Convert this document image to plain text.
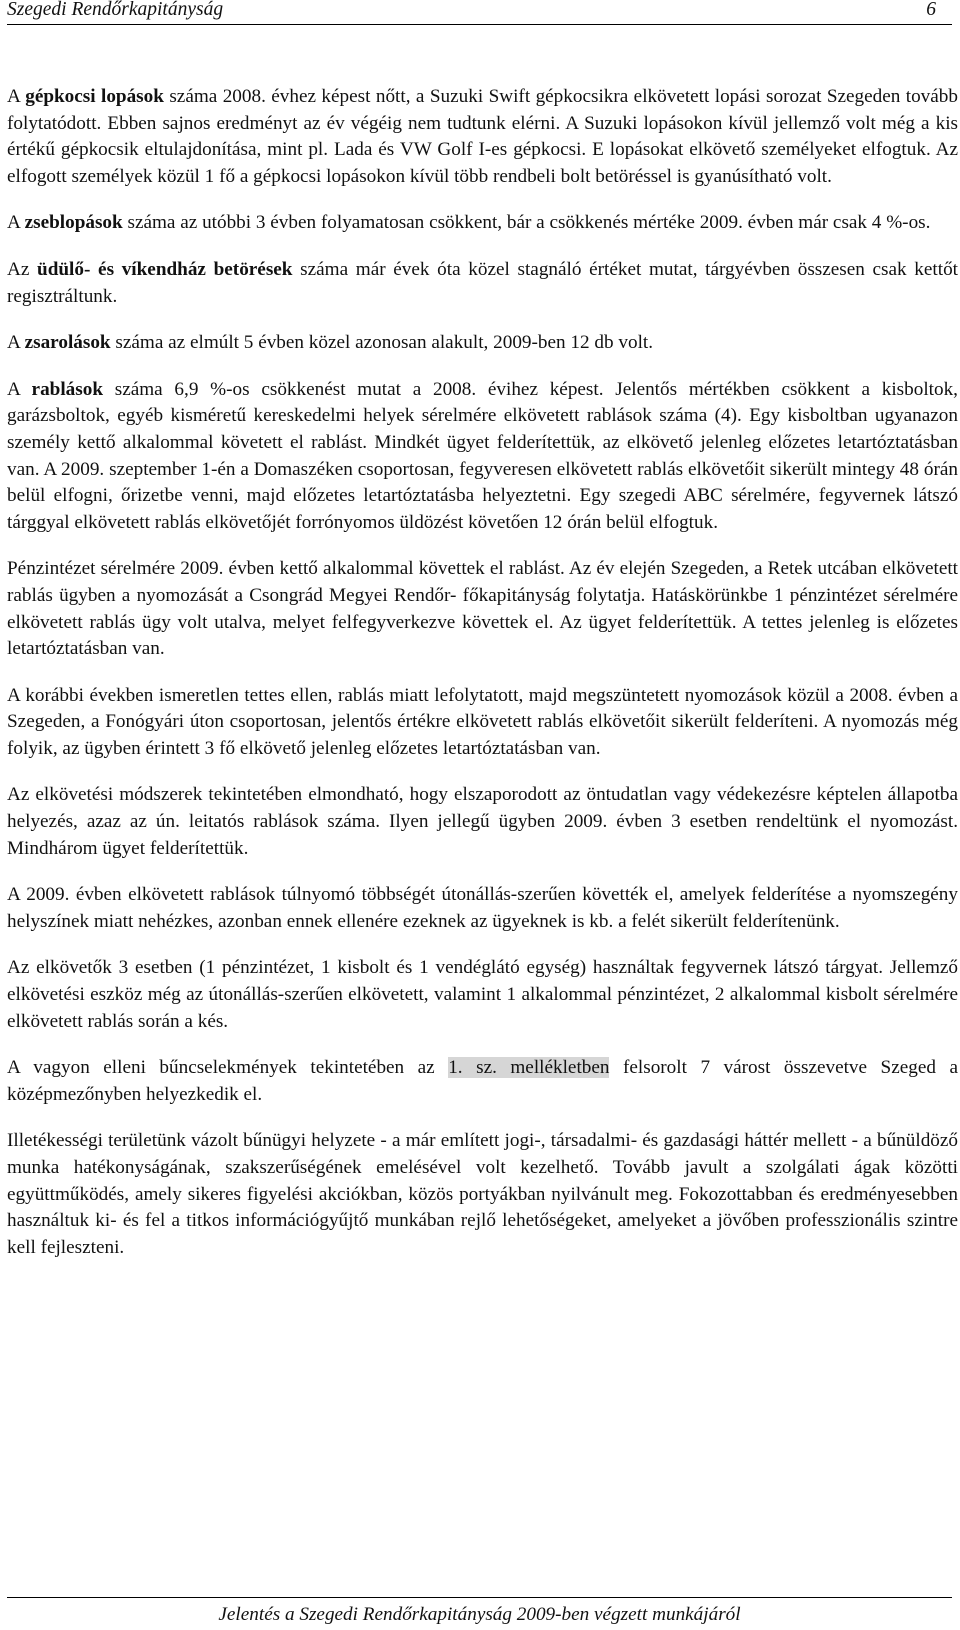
Szegedi Rendőrkapitányság	6

A gépkocsi lopások száma 2008. évhez képest nőtt, a Suzuki Swift gépkocsikra elkövetett lopási sorozat Szegeden tovább folytatódott. Ebben sajnos eredményt az év végéig nem tudtunk elérni. A Suzuki lopásokon kívül jellemző volt még a kis értékű gépkocsik eltulajdonítása, mint pl. Lada és VW Golf I-es gépkocsi. E lopásokat elkövető személyeket elfogtuk. Az elfogott személyek közül 1 fő a gépkocsi lopásokon kívül több rendbeli bolt betöréssel is gyanúsítható volt.

A zseblopások száma az utóbbi 3 évben folyamatosan csökkent, bár a csökkenés mértéke 2009. évben már csak 4 %-os.

Az üdülő- és víkendház betörések száma már évek óta közel stagnáló értéket mutat, tárgyévben összesen csak kettőt regisztráltunk.

A zsarolások száma az elmúlt 5 évben közel azonosan alakult, 2009-ben 12 db volt.

A rablások száma 6,9 %-os csökkenést mutat a 2008. évihez képest. Jelentős mértékben csökkent a kisboltok, garázsboltok, egyéb kisméretű kereskedelmi helyek sérelmére elkövetett rablások száma (4). Egy kisboltban ugyanazon személy kettő alkalommal követett el rablást. Mindkét ügyet felderítettük, az elkövető jelenleg előzetes letartóztatásban van. A 2009. szeptember 1-én a Domaszéken csoportosan, fegyveresen elkövetett rablás elkövetőit sikerült mintegy 48 órán belül elfogni, őrizetbe venni, majd előzetes letartóztatásba helyeztetni. Egy szegedi ABC sérelmére, fegyvernek látszó tárggyal elkövetett rablás elkövetőjét forrónyomos üldözést követően 12 órán belül elfogtuk.

Pénzintézet sérelmére 2009. évben kettő alkalommal követtek el rablást. Az év elején Szegeden, a Retek utcában elkövetett rablás ügyben a nyomozását a Csongrád Megyei Rendőr- főkapitányság folytatja. Hatáskörünkbe 1 pénzintézet sérelmére elkövetett rablás ügy volt utalva, melyet felfegyverkezve követtek el. Az ügyet felderítettük. A tettes jelenleg is előzetes letartóztatásban van.

A korábbi években ismeretlen tettes ellen, rablás miatt lefolytatott, majd megszüntetett nyomozások közül a 2008. évben a Szegeden, a Fonógyári úton csoportosan, jelentős értékre elkövetett rablás elkövetőit sikerült felderíteni. A nyomozás még folyik, az ügyben érintett 3 fő elkövető jelenleg előzetes letartóztatásban van.

Az elkövetési módszerek tekintetében elmondható, hogy elszaporodott az öntudatlan vagy védekezésre képtelen állapotba helyezés, azaz az ún. leitatós rablások száma. Ilyen jellegű ügyben 2009. évben 3 esetben rendeltünk el nyomozást. Mindhárom ügyet felderítettük.

A 2009. évben elkövetett rablások túlnyomó többségét útonállás-szerűen követték el, amelyek felderítése a nyomszegény helyszínek miatt nehézkes, azonban ennek ellenére ezeknek az ügyeknek is kb. a felét sikerült felderítenünk.

Az elkövetők 3 esetben (1 pénzintézet, 1 kisbolt és 1 vendéglátó egység) használtak fegyvernek látszó tárgyat. Jellemző elkövetési eszköz még az útonállás-szerűen elkövetett, valamint 1 alkalommal pénzintézet, 2 alkalommal kisbolt sérelmére elkövetett rablás során a kés.

A vagyon elleni bűncselekmények tekintetében az 1. sz. mellékletben felsorolt 7 várost összevetve Szeged a középmezőnyben helyezkedik el.

Illetékességi területünk vázolt bűnügyi helyzete - a már említett jogi-, társadalmi- és gazdasági háttér mellett - a bűnüldöző munka hatékonyságának, szakszerűségének emelésével volt kezelhető. Tovább javult a szolgálati ágak közötti együttműködés, amely sikeres figyelési akciókban, közös portyákban nyilvánult meg. Fokozottabban és eredményesebben használtuk ki- és fel a titkos információgyűjtő munkában rejlő lehetőségeket, amelyeket a jövőben professzionális szintre kell fejleszteni.

Jelentés a Szegedi Rendőrkapitányság 2009-ben végzett munkájáról
